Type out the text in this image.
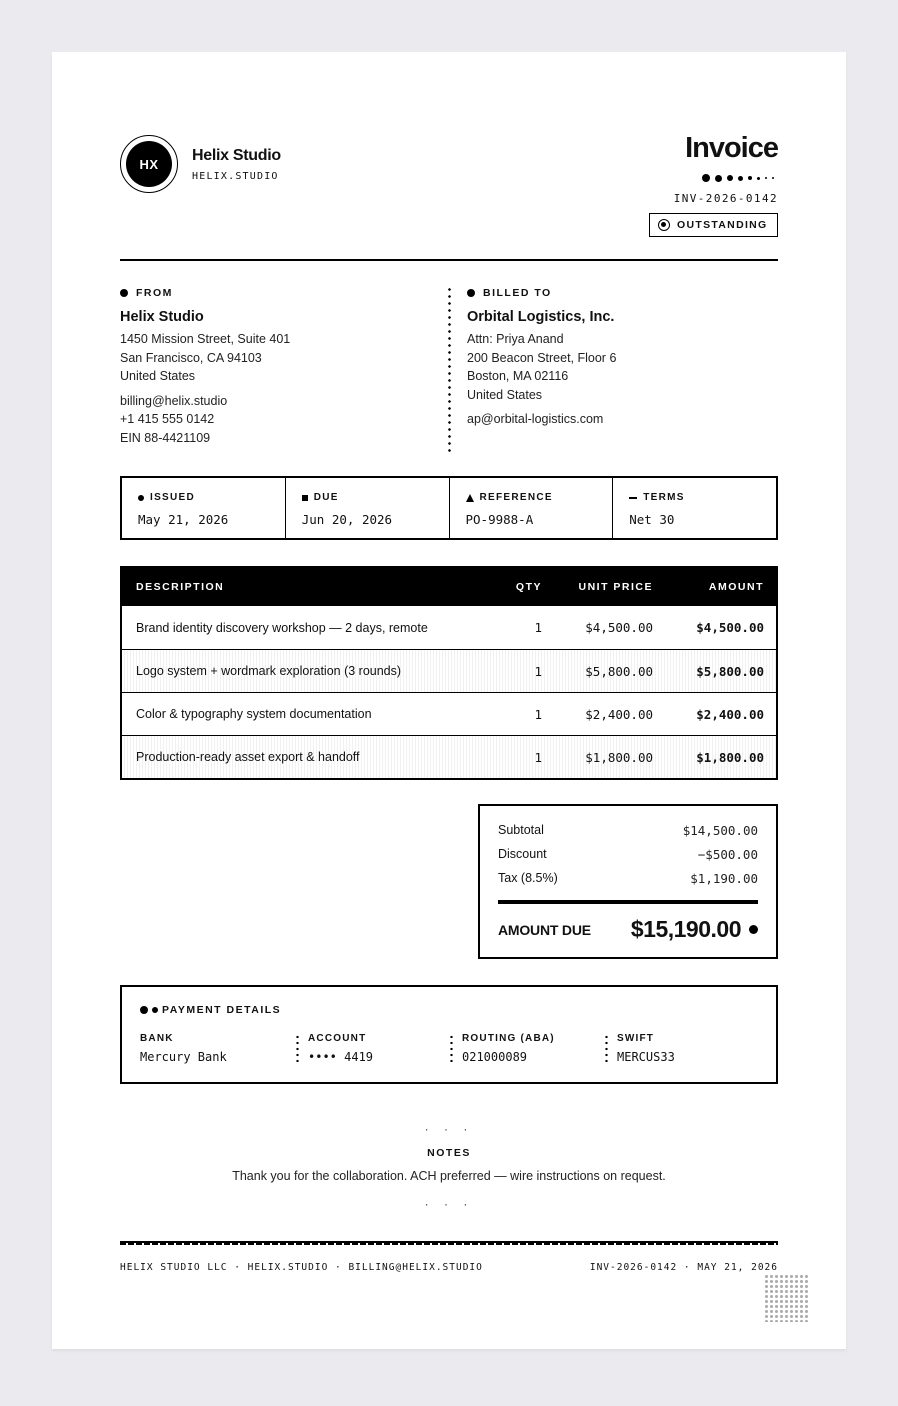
HX	Helix Studio
HELIX.STUDIO
Invoice
INV-2026-0142
OUTSTANDING
FROM
Helix Studio
1450 Mission Street, Suite 401
San Francisco, CA 94103
United States
billing@helix.studio
+1 415 555 0142
EIN 88-4421109
BILLED TO
Orbital Logistics, Inc.
Attn: Priya Anand
200 Beacon Street, Floor 6
Boston, MA 02116
United States
ap@orbital-logistics.com
ISSUED
May 21, 2026
DUE
Jun 20, 2026
REFERENCE
PO-9988-A
TERMS
Net 30
DESCRIPTION	QTY	UNIT PRICE	AMOUNT
Brand identity discovery workshop — 2 days, remote	1	$4,500.00	$4,500.00
Logo system + wordmark exploration (3 rounds)	1	$5,800.00	$5,800.00
Color & typography system documentation	1	$2,400.00	$2,400.00
Production-ready asset export & handoff	1	$1,800.00	$1,800.00
Subtotal	$14,500.00
Discount	−$500.00
Tax (8.5%)	$1,190.00
AMOUNT DUE $15,190.00
PAYMENT DETAILS
BANK
Mercury Bank
ACCOUNT
•••• 4419
ROUTING (ABA)
021000089
SWIFT
MERCUS33
· · ·
NOTES
Thank you for the collaboration. ACH preferred — wire instructions on request.
· · ·
HELIX STUDIO LLC · HELIX.STUDIO · BILLING@HELIX.STUDIO	INV-2026-0142 · MAY 21, 2026
